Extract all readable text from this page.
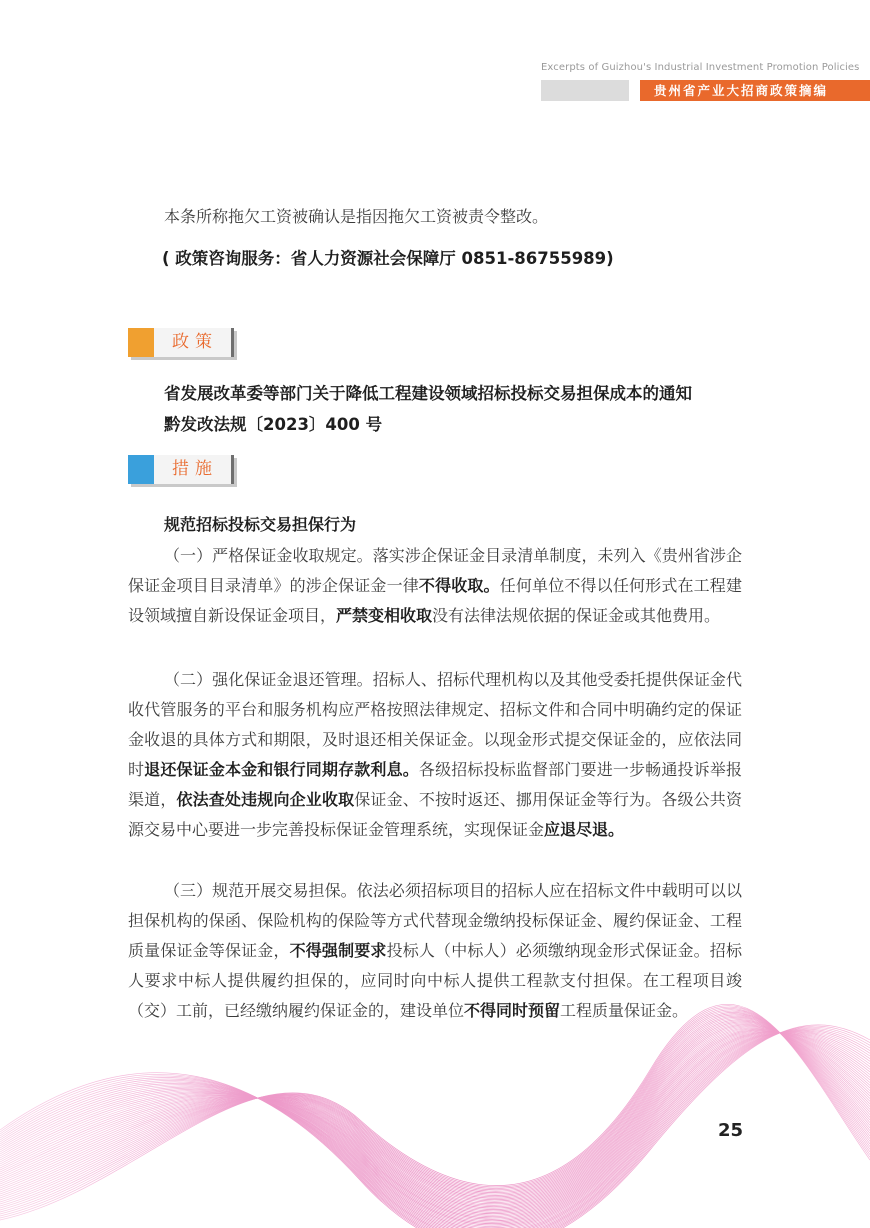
Excerpts of Guizhou's Industrial Investment Promotion Policies
贵州省产业大招商政策摘编
本条所称拖欠工资被确认是指因拖欠工资被责令整改。
( 政策咨询服务：省人力资源社会保障厅 0851-86755989)
政策
省发展改革委等部门关于降低工程建设领域招标投标交易担保成本的通知
黔发改法规〔2023〕400 号
措施
规范招标投标交易担保行为
（一）严格保证金收取规定。落实涉企保证金目录清单制度，未列入《贵州省涉企保证金项目目录清单》的涉企保证金一律不得收取。任何单位不得以任何形式在工程建设领域擅自新设保证金项目，严禁变相收取没有法律法规依据的保证金或其他费用。
（二）强化保证金退还管理。招标人、招标代理机构以及其他受委托提供保证金代收代管服务的平台和服务机构应严格按照法律规定、招标文件和合同中明确约定的保证金收退的具体方式和期限，及时退还相关保证金。以现金形式提交保证金的，应依法同时退还保证金本金和银行同期存款利息。各级招标投标监督部门要进一步畅通投诉举报渠道，依法查处违规向企业收取保证金、不按时返还、挪用保证金等行为。各级公共资源交易中心要进一步完善投标保证金管理系统，实现保证金应退尽退。
（三）规范开展交易担保。依法必须招标项目的招标人应在招标文件中载明可以以担保机构的保函、保险机构的保险等方式代替现金缴纳投标保证金、履约保证金、工程质量保证金等保证金，不得强制要求投标人（中标人）必须缴纳现金形式保证金。招标人要求中标人提供履约担保的，应同时向中标人提供工程款支付担保。在工程项目竣（交）工前，已经缴纳履约保证金的，建设单位不得同时预留工程质量保证金。
25
